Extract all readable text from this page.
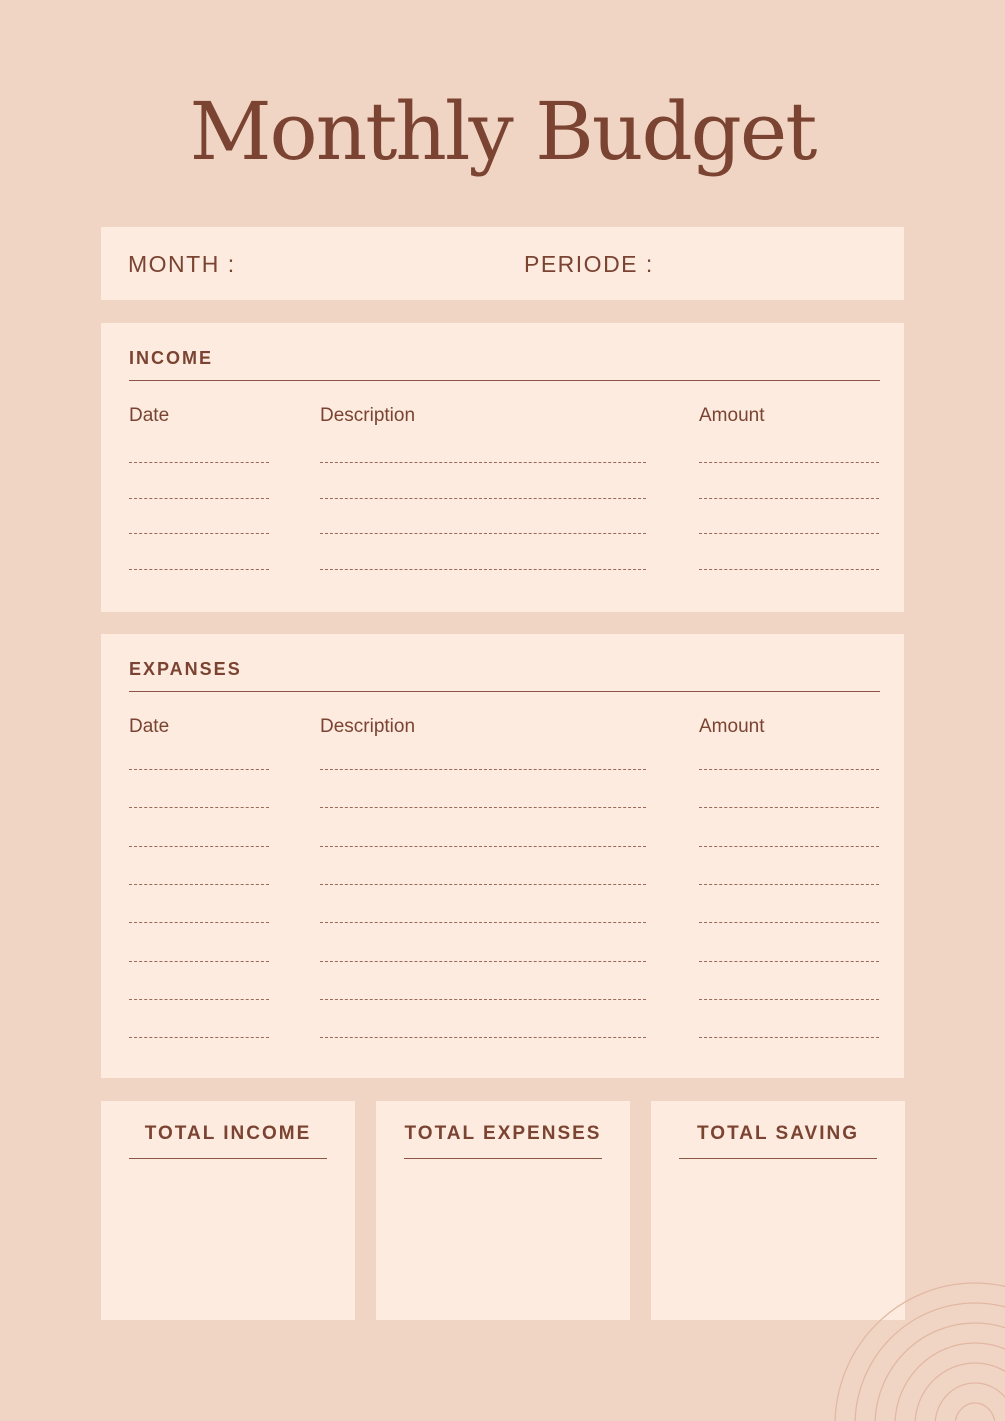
Monthly Budget
MONTH :	PERIODE :
INCOME
Date	Description	Amount
EXPANSES
Date	Description	Amount
TOTAL INCOME	TOTAL EXPENSES	TOTAL SAVING
